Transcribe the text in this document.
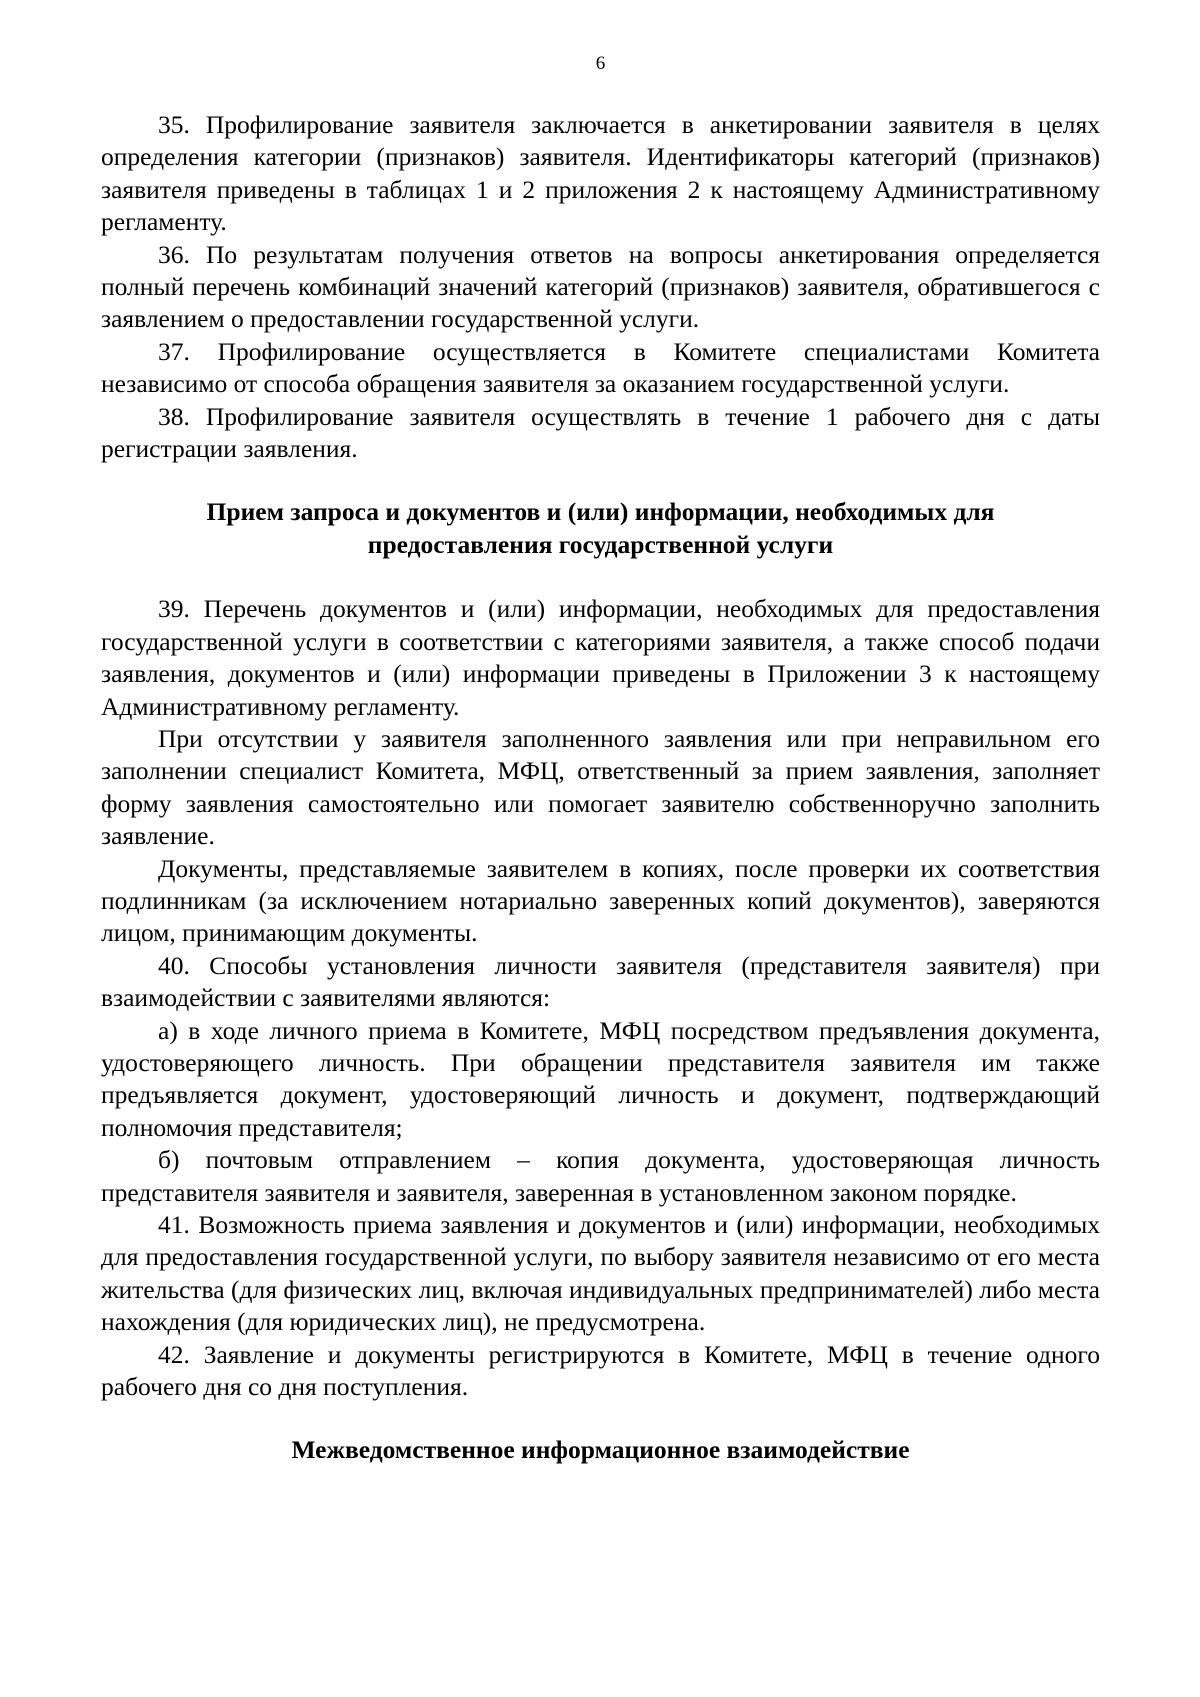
6

35. Профилирование заявителя заключается в анкетировании заявителя в целях определения категории (признаков) заявителя. Идентификаторы категорий (признаков) заявителя приведены в таблицах 1 и 2 приложения 2 к настоящему Административному регламенту.

36. По результатам получения ответов на вопросы анкетирования определяется полный перечень комбинаций значений категорий (признаков) заявителя, обратившегося с заявлением о предоставлении государственной услуги.

37. Профилирование осуществляется в Комитете специалистами Комитета независимо от способа обращения заявителя за оказанием государственной услуги.

38. Профилирование заявителя осуществлять в течение 1 рабочего дня с даты регистрации заявления.

Прием запроса и документов и (или) информации, необходимых для предоставления государственной услуги

39. Перечень документов и (или) информации, необходимых для предоставления государственной услуги в соответствии с категориями заявителя, а также способ подачи заявления, документов и (или) информации приведены в Приложении 3 к настоящему Административному регламенту.

При отсутствии у заявителя заполненного заявления или при неправильном его заполнении специалист Комитета, МФЦ, ответственный за прием заявления, заполняет форму заявления самостоятельно или помогает заявителю собственноручно заполнить заявление.

Документы, представляемые заявителем в копиях, после проверки их соответствия подлинникам (за исключением нотариально заверенных копий документов), заверяются лицом, принимающим документы.

40. Способы установления личности заявителя (представителя заявителя) при взаимодействии с заявителями являются:

а) в ходе личного приема в Комитете, МФЦ посредством предъявления документа, удостоверяющего личность. При обращении представителя заявителя им также предъявляется документ, удостоверяющий личность и документ, подтверждающий полномочия представителя;

б) почтовым отправлением – копия документа, удостоверяющая личность представителя заявителя и заявителя, заверенная в установленном законом порядке.

41. Возможность приема заявления и документов и (или) информации, необходимых для предоставления государственной услуги, по выбору заявителя независимо от его места жительства (для физических лиц, включая индивидуальных предпринимателей) либо места нахождения (для юридических лиц), не предусмотрена.

42. Заявление и документы регистрируются в Комитете, МФЦ в течение одного рабочего дня со дня поступления.

Межведомственное информационное взаимодействие
